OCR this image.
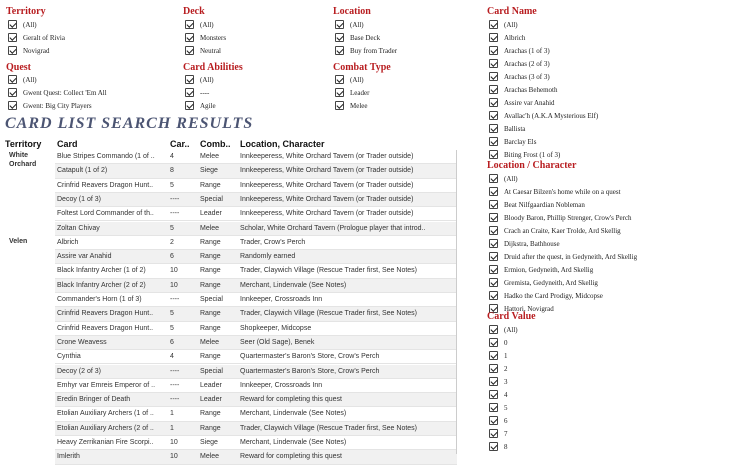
Territory
(All)
Geralt of Rivia
Novigrad
Deck
(All)
Monsters
Neutral
Location
(All)
Base Deck
Buy from Trader
Quest
(All)
Gwent Quest: Collect 'Em All
Gwent: Big City Players
Card Abilities
(All)
----
Agile
Combat Type
(All)
Leader
Melee
Card Name
(All)
Albrich
Arachas (1 of 3)
Arachas (2 of 3)
Arachas (3 of 3)
Arachas Behemoth
Assire var Anahid
Avallac'h (A.K.A Mysterious Elf)
Ballista
Barclay Els
Biting Frost (1 of 3)
Location / Character
(All)
At Caesar Bilzen's home while on a quest
Beat Nilfgaardian Nobleman
Bloody Baron, Phillip Strenger, Crow's Perch
Crach an Craite, Kaer Trolde, Ard Skellig
Dijkstra, Bathhouse
Druid after the quest, in Gedyneith, Ard Skellig
Ermion, Gedyneith, Ard Skellig
Gremista, Gedyneith, Ard Skellig
Hadko the Card Prodigy, Midcopse
Hattori, Novigrad
Card Value
(All)
0
1
2
3
4
5
6
7
8
CARD LIST SEARCH RESULTS
Territory Card	Car.. Comb.. Location, Character
White Orchard
Blue Stripes Commando (1 of ..	4	Melee	Innkeeperess, White Orchard Tavern (or Trader outside)
Catapult (1 of 2)	8	Siege	Innkeeperess, White Orchard Tavern (or Trader outside)
Crinfrid Reavers Dragon Hunt..	5	Range	Innkeeperess, White Orchard Tavern (or Trader outside)
Decoy (1 of 3)	----	Special	Innkeeperess, White Orchard Tavern (or Trader outside)
Foltest Lord Commander of th..	----	Leader	Innkeeperess, White Orchard Tavern (or Trader outside)
Zoltan Chivay	5	Melee	Scholar, White Orchard Tavern (Prologue player that introd..
Velen	Albrich	2	Range	Trader, Crow's Perch
Assire var Anahid	6	Range	Randomly earned
Black Infantry Archer (1 of 2)	10	Range	Trader, Claywich Village (Rescue Trader first, See Notes)
Black Infantry Archer (2 of 2)	10	Range	Merchant, Lindenvale (See Notes)
Commander's Horn (1 of 3)	----	Special	Innkeeper, Crossroads Inn
Crinfrid Reavers Dragon Hunt..	5	Range	Trader, Claywich Village (Rescue Trader first, See Notes)
Crinfrid Reavers Dragon Hunt..	5	Range	Shopkeeper, Midcopse
Crone Weavess	6	Melee	Seer (Old Sage), Benek
Cynthia	4	Range	Quartermaster's Baron's Store, Crow's Perch
Decoy (2 of 3)	----	Special	Quartermaster's Baron's Store, Crow's Perch
Emhyr var Emreis Emperor of ..	----	Leader	Innkeeper, Crossroads Inn
Eredin Bringer of Death	----	Leader	Reward for completing this quest
Etolian Auxiliary Archers (1 of ..	1	Range	Merchant, Lindenvale (See Notes)
Etolian Auxiliary Archers (2 of ..	1	Range	Trader, Claywich Village (Rescue Trader first, See Notes)
Heavy Zerrikanian Fire Scorpi..	10	Siege	Merchant, Lindenvale (See Notes)
Imlerith	10	Melee	Reward for completing this quest
